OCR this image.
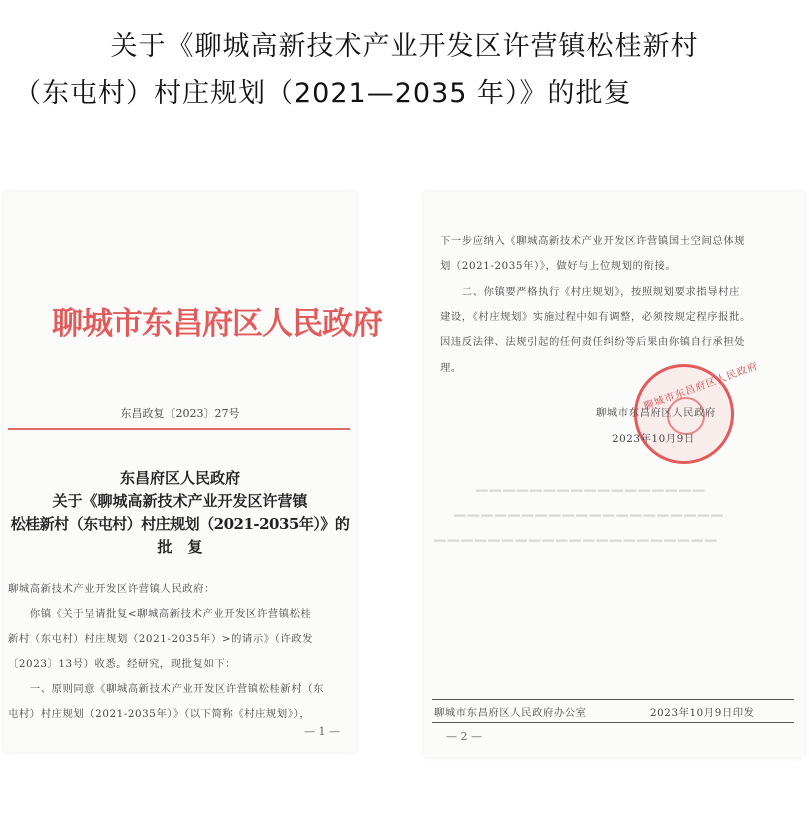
关于《聊城高新技术产业开发区许营镇松桂新村
（东屯村）村庄规划（2021—2035 年）》的批复
聊城市东昌府区人民政府
东昌政复〔2023〕27号
东昌府区人民政府
关于《聊城高新技术产业开发区许营镇
松桂新村（东屯村）村庄规划（2021-2035年）》的
批　复
聊城高新技术产业开发区许营镇人民政府：
　　你镇《关于呈请批复<聊城高新技术产业开发区许营镇松桂
新村（东屯村）村庄规划（2021-2035年）>的请示》（许政发
〔2023〕13号）收悉。经研究，现批复如下：
　　一、原则同意《聊城高新技术产业开发区许营镇松桂新村（东
屯村）村庄规划（2021-2035年）》（以下简称《村庄规划》），
— 1 —
下一步应纳入《聊城高新技术产业开发区许营镇国土空间总体规
划（2021-2035年）》，做好与上位规划的衔接。
　　二、你镇要严格执行《村庄规划》，按照规划要求指导村庄
建设，《村庄规划》实施过程中如有调整，必须按规定程序报批。
因违反法律、法规引起的任何责任纠纷等后果由你镇自行承担处
理。	聊城市东昌府区人民政府
聊城市东昌府区人民政府
2023年10月9日
▁▁▁▁▁▁▁▁▁▁▁▁▁▁▁▁▁
▁▁▁▁▁▁▁▁▁▁▁▁▁▁▁▁▁▁▁▁
▁▁▁▁▁▁▁▁▁▁▁▁▁▁▁▁▁▁▁▁▁
聊城市东昌府区人民政府办公室	2023年10月9日印发
— 2 —
